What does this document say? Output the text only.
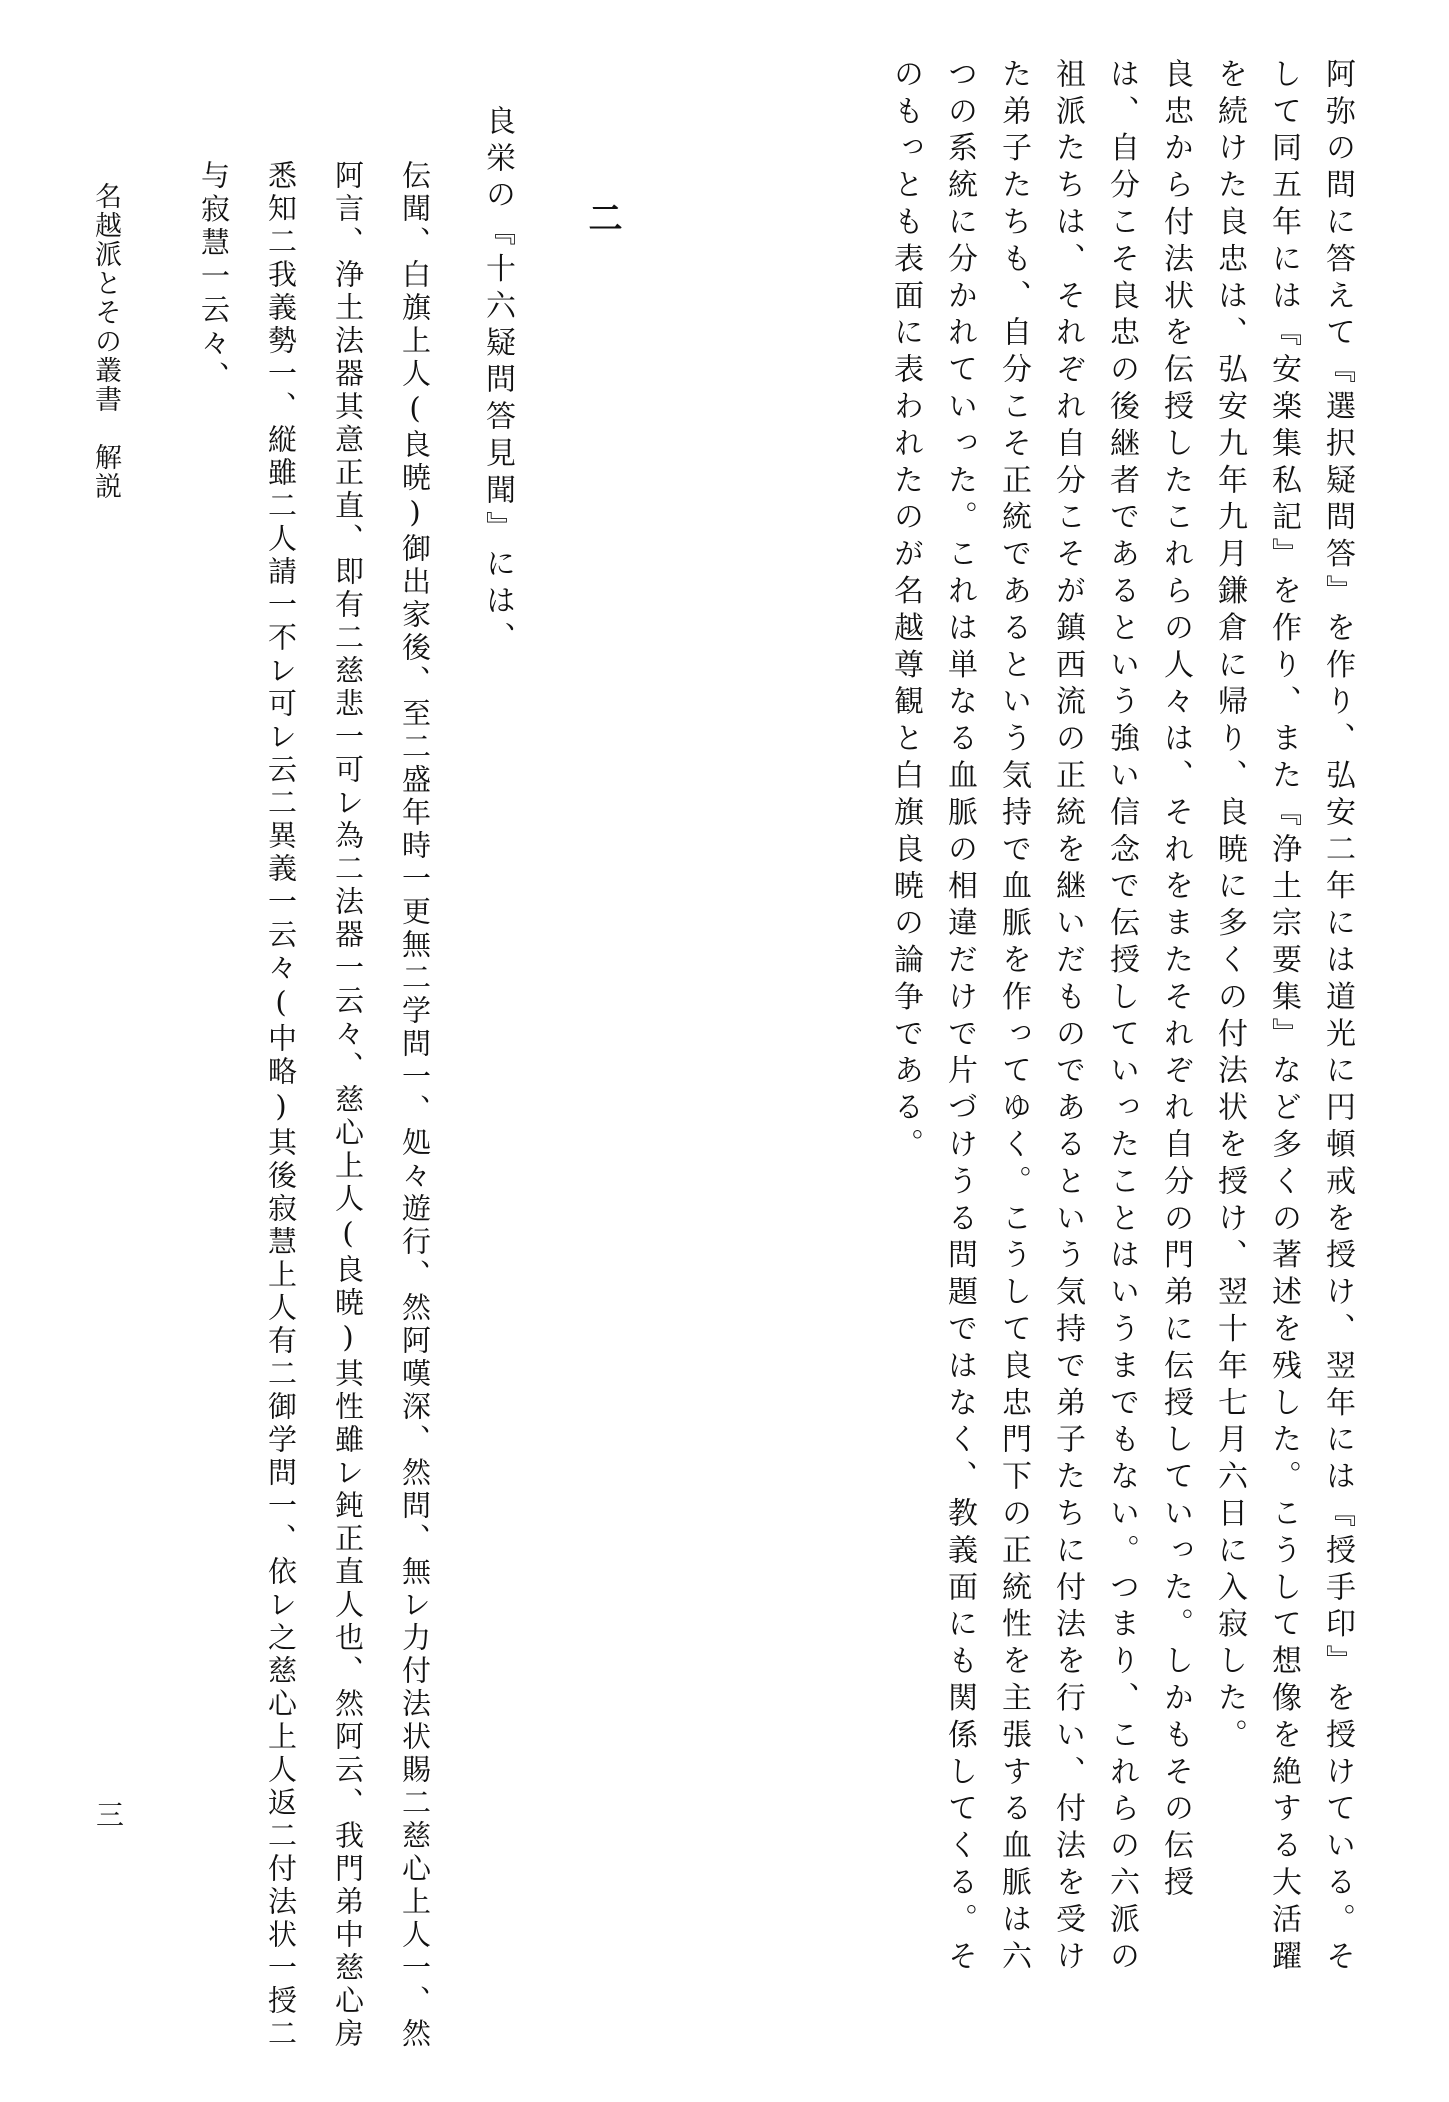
阿弥の問に答えて『選択疑問答』を作り、弘安二年には道光に円頓戒を授け、翌年には『授手印』を授けている。そ

して同五年には『安楽集私記』を作り、また『浄土宗要集』など多くの著述を残した。こうして想像を絶する大活躍

を続けた良忠は、弘安九年九月鎌倉に帰り、良暁に多くの付法状を授け、翌十年七月六日に入寂した。

良忠から付法状を伝授したこれらの人々は、それをまたそれぞれ自分の門弟に伝授していった。しかもその伝授

は、自分こそ良忠の後継者であるという強い信念で伝授していったことはいうまでもない。つまり、これらの六派の

祖派たちは、それぞれ自分こそが鎮西流の正統を継いだものであるという気持で弟子たちに付法を行い、付法を受け

た弟子たちも、自分こそ正統であるという気持で血脈を作ってゆく。こうして良忠門下の正統性を主張する血脈は六

つの系統に分かれていった。これは単なる血脈の相違だけで片づけうる問題ではなく、教義面にも関係してくる。そ

のもっとも表面に表われたのが名越尊観と白旗良暁の論争である。

二

良栄の『十六疑問答見聞』には、

伝聞、白旗上人(良暁)御出家後、至二盛年時一更無二学問一、処々遊行、然阿嘆深、然問、無レ力付法状賜二慈心上人一、然

阿言、浄土法器其意正直、即有二慈悲一可レ為二法器一云々、慈心上人(良暁)其性雖レ鈍正直人也、然阿云、我門弟中慈心房

悉知二我義勢一、縦雖二人請一不レ可レ云二異義一云々(中略)其後寂慧上人有二御学問一、依レ之慈心上人返二付法状一授二

与寂慧一云々、

名越派とその叢書　解説

三
